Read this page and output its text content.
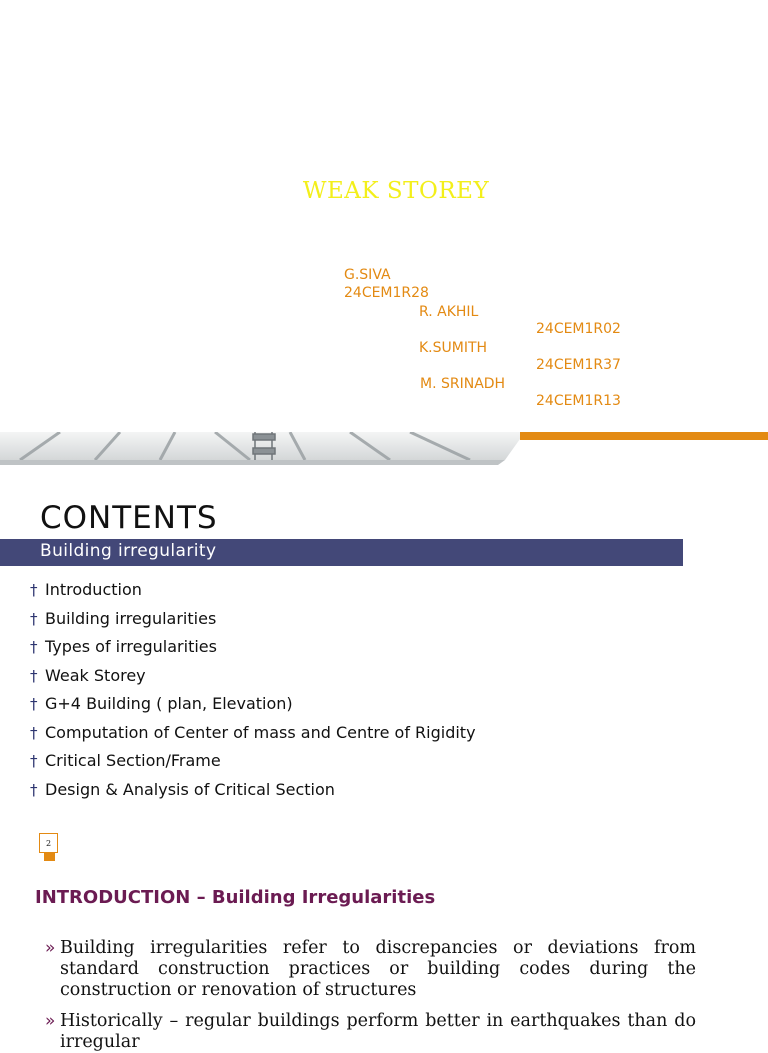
WEAK STOREY
G.SIVA
24CEM1R28
R. AKHIL
24CEM1R02
K.SUMITH
24CEM1R37
M. SRINADH
24CEM1R13
CONTENTS
Building irregularity
† Introduction
† Building irregularities
† Types of irregularities
† Weak Storey
† G+4 Building ( plan, Elevation)
† Computation of Center of mass and Centre of Rigidity
† Critical Section/Frame
† Design & Analysis of Critical Section
2
INTRODUCTION – Building Irregularities
» Building irregularities refer to discrepancies or deviations from standard construction practices or building codes during the construction or renovation of structures
» Historically – regular buildings perform better in earthquakes than do irregular
